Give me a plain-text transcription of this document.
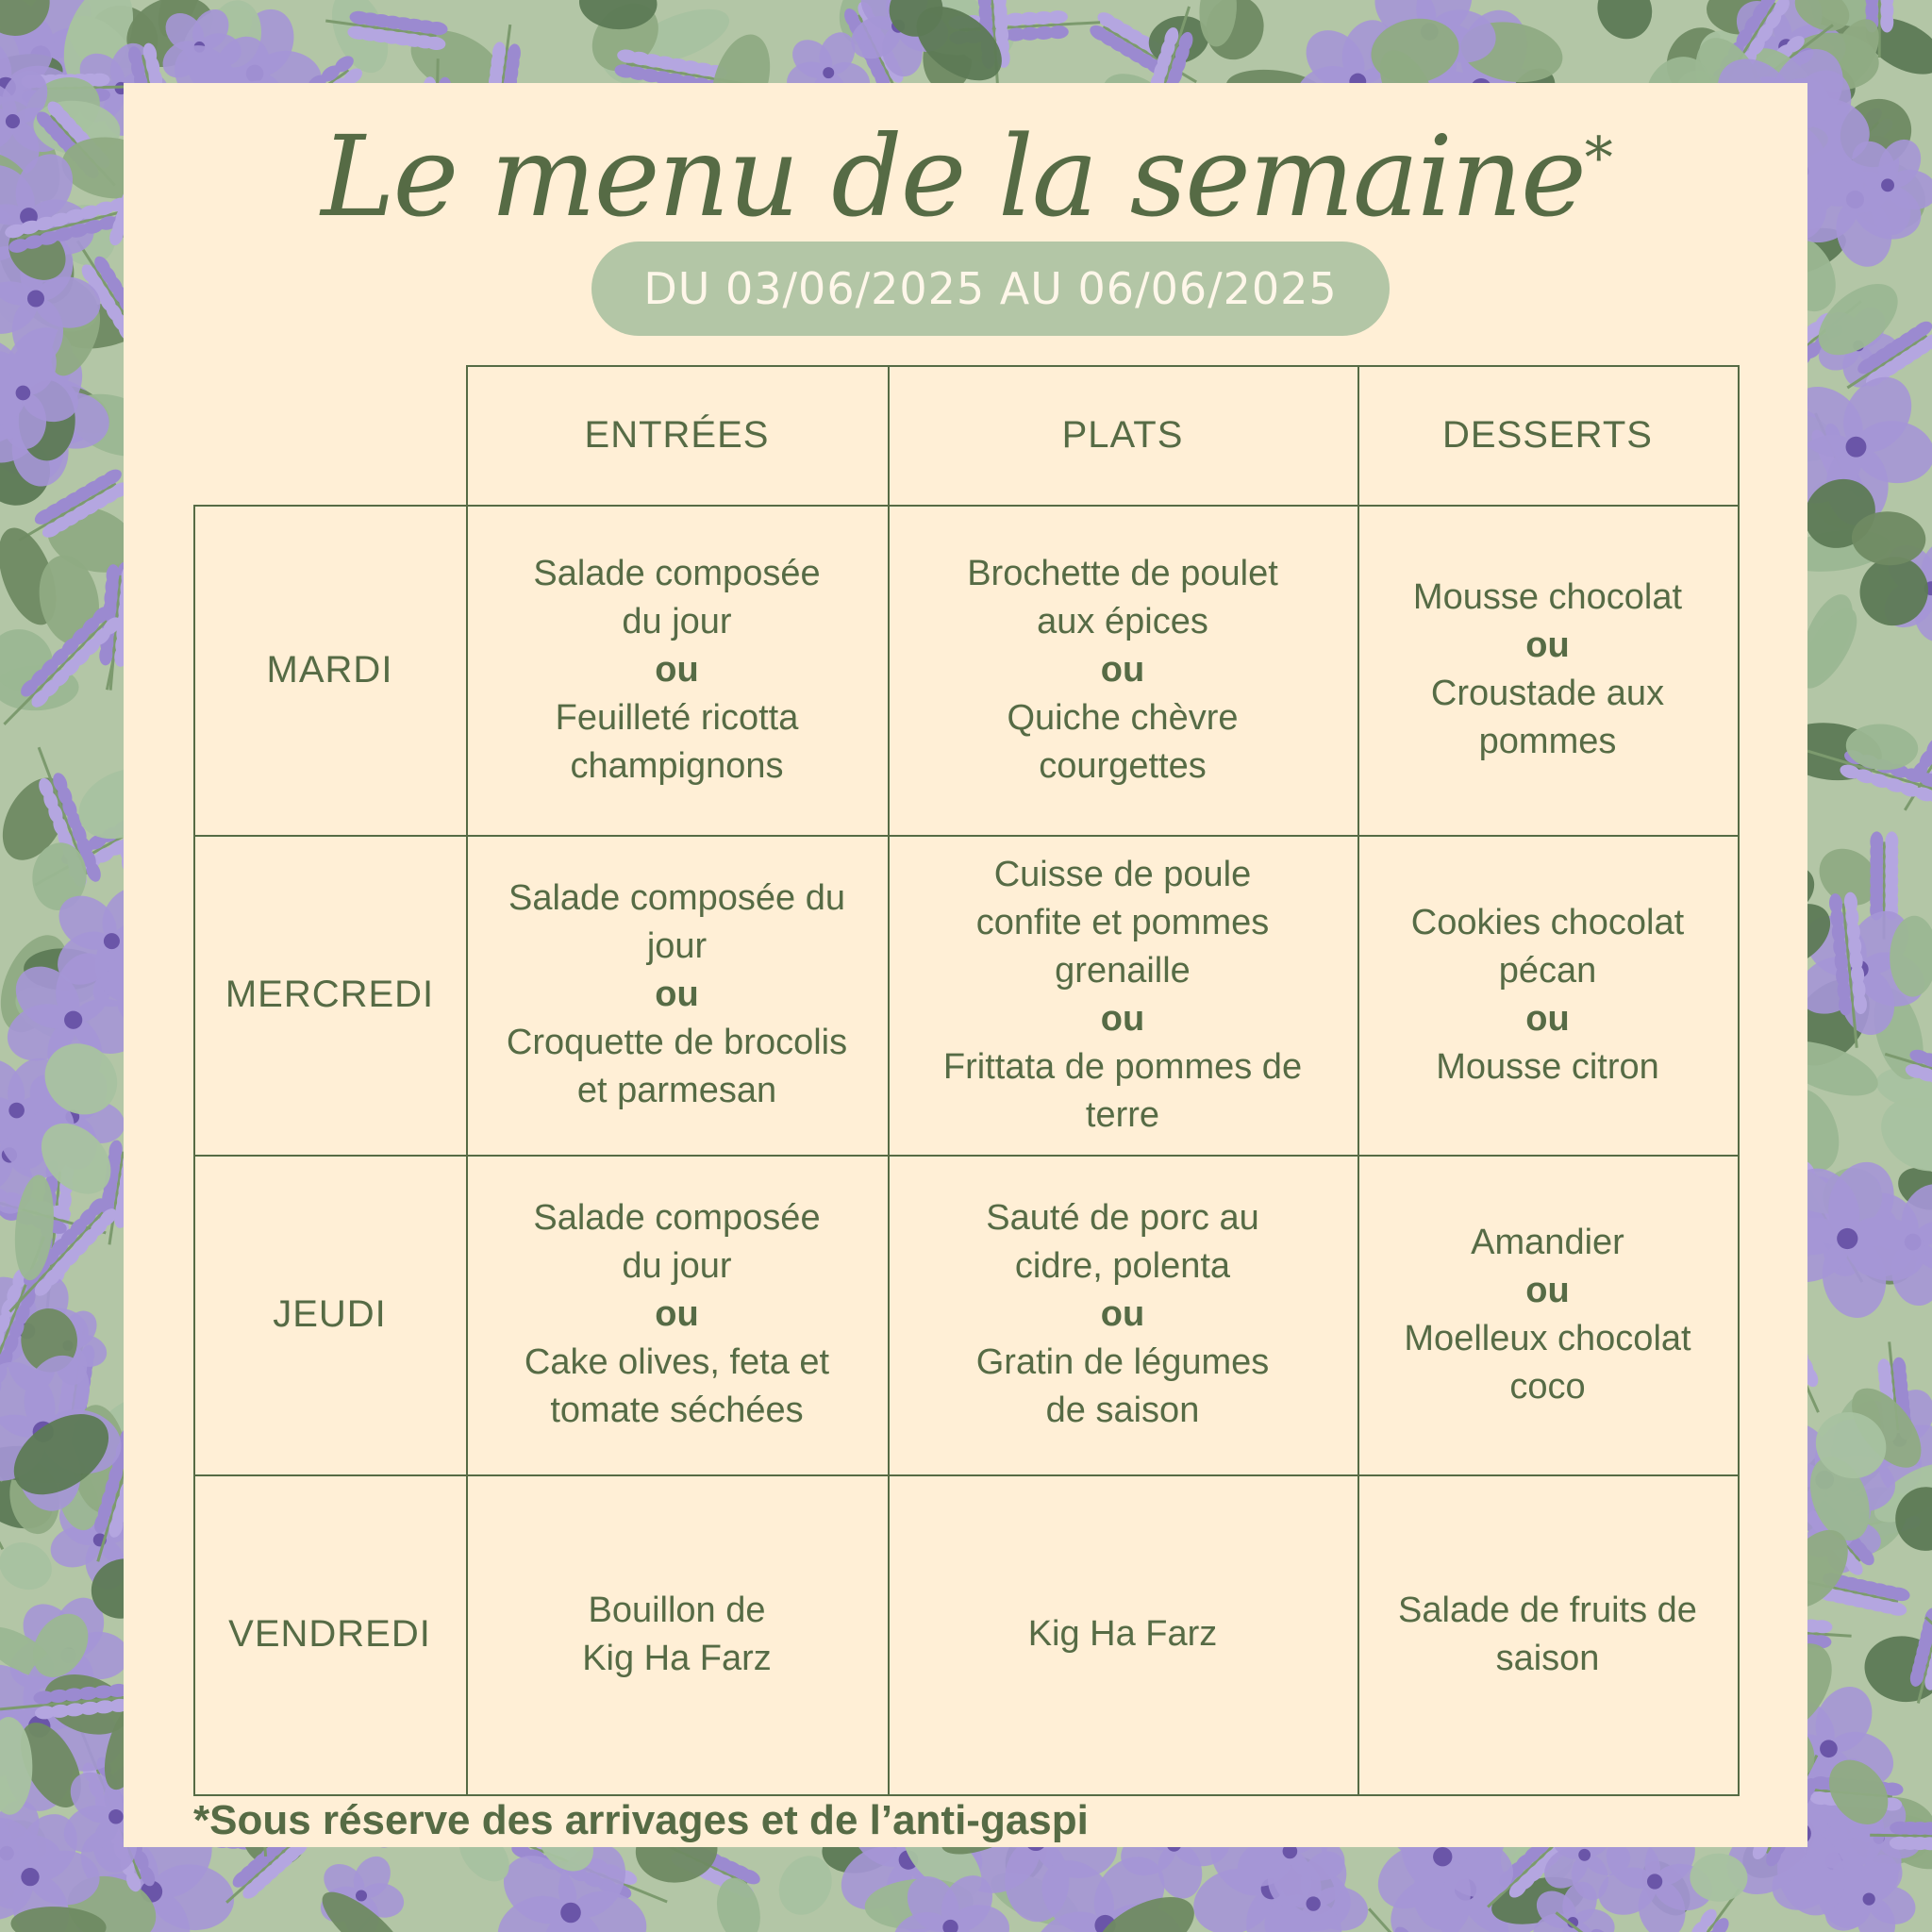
Le menu de la semaine*
DU 03/06/2025 AU 06/06/2025
ENTRÉES	PLATS	DESSERTS
MARDI
Salade composée
du jour
ou
Feuilleté ricotta
champignons
Brochette de poulet
aux épices
ou
Quiche chèvre
courgettes
Mousse chocolat
ou
Croustade aux
pommes
MERCREDI
Salade composée du
jour
ou
Croquette de brocolis
et parmesan
Cuisse de poule
confite et pommes
grenaille
ou
Frittata de pommes de
terre
Cookies chocolat
pécan
ou
Mousse citron
JEUDI
Salade composée
du jour
ou
Cake olives, feta et
tomate séchées
Sauté de porc au
cidre, polenta
ou
Gratin de légumes
de saison
Amandier
ou
Moelleux chocolat
coco
VENDREDI
Bouillon de
Kig Ha Farz
Kig Ha Farz
Salade de fruits de
saison
*Sous réserve des arrivages et de l’anti-gaspi
